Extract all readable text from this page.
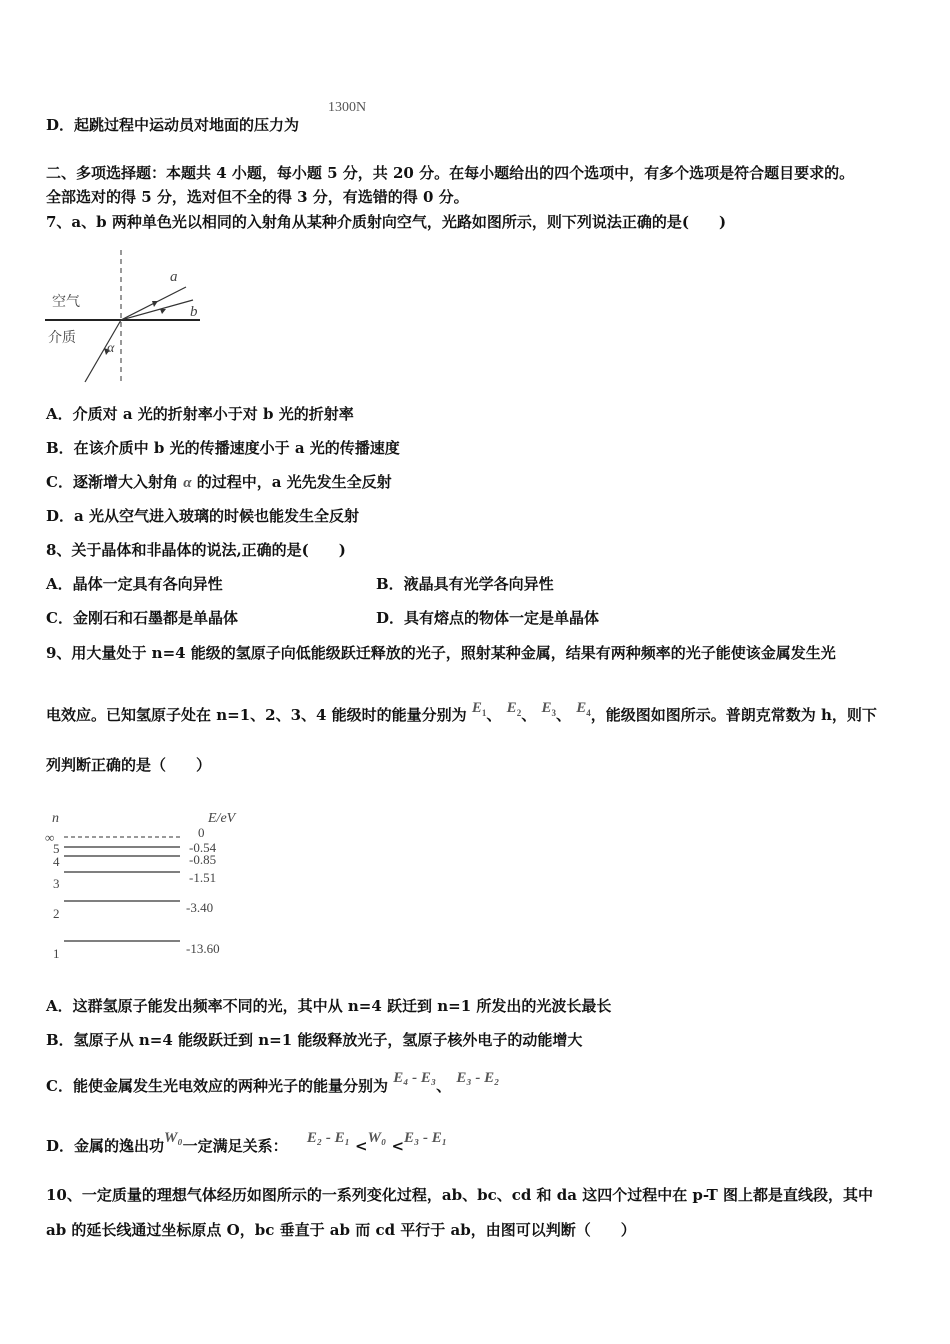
D．起跳过程中运动员对地面的压力为
1300N
二、多项选择题：本题共 4 小题，每小题 5 分，共 20 分。在每小题给出的四个选项中，有多个选项是符合题目要求的。
全部选对的得 5 分，选对但不全的得 3 分，有选错的得 0 分。
7、a、b 两种单色光以相同的入射角从某种介质射向空气，光路如图所示，则下列说法正确的是(　　)
空气
介质
a
b
α
A．介质对 a 光的折射率小于对 b 光的折射率
B．在该介质中 b 光的传播速度小于 a 光的传播速度
C．逐渐增大入射角 α 的过程中，a 光先发生全反射
D．a 光从空气进入玻璃的时候也能发生全反射
8、关于晶体和非晶体的说法,正确的是(　　)
A．晶体一定具有各向异性	B．液晶具有光学各向异性
C．金刚石和石墨都是单晶体	D．具有熔点的物体一定是单晶体
9、用大量处于 n=4 能级的氢原子向低能级跃迁释放的光子，照射某种金属，结果有两种频率的光子能使该金属发生光
电效应。已知氢原子处在 n=1、2、3、4 能级时的能量分别为 $E_1$、 $E_2$、 $E_3$、 $E_4$，能级图如图所示。普朗克常数为 h，则下
列判断正确的是（　　）
n	E/eV
∞
5
4
3
2
1
0
-0.54
-0.85
-1.51
-3.40
-13.60
A．这群氢原子能发出频率不同的光，其中从 n=4 跃迁到 n=1 所发出的光波长最长
B．氢原子从 n=4 能级跃迁到 n=1 能级释放光子，氢原子核外电子的动能增大
C．能使金属发生光电效应的两种光子的能量分别为 E₄ - E₃、 E₃ - E₂
D．金属的逸出功W₀一定满足关系： E₂ - E₁ <W₀ <E₃ - E₁
10、一定质量的理想气体经历如图所示的一系列变化过程，ab、bc、cd 和 da 这四个过程中在 p-T 图上都是直线段，其中
ab 的延长线通过坐标原点 O，bc 垂直于 ab 而 cd 平行于 ab，由图可以判断（　　）
